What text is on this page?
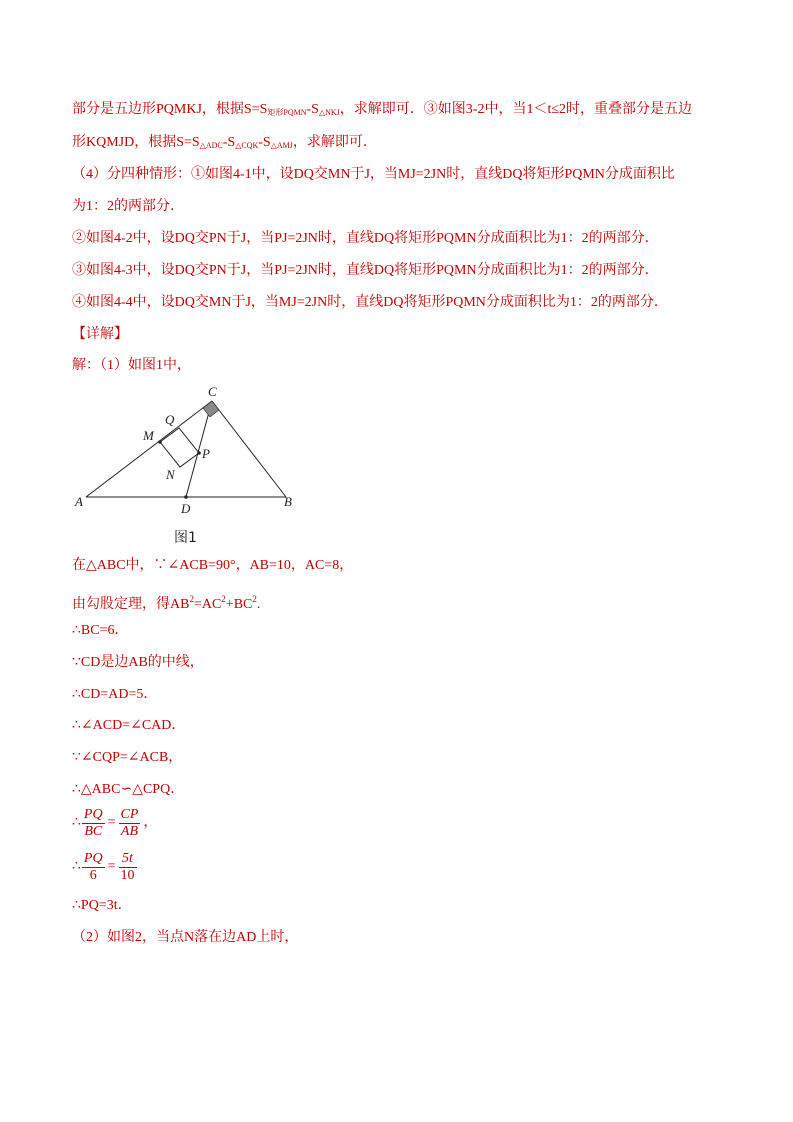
部分是五边形PQMKJ，根据$S=S_{矩形PQMN}-S_{\triangle NKJ}$，求解即可．③如图3-2中，当1＜t≤2时，重叠部分是五边
形KQMJD，根据$S=S_{\triangle ADC}-S_{\triangle CQK}-S_{\triangle AMJ}$，求解即可．
（4）分四种情形：①如图4-1中，设DQ交MN于J，当MJ=2JN时，直线DQ将矩形PQMN分成面积比
为1：2的两部分．
②如图4-2中，设DQ交PN于J，当PJ=2JN时，直线DQ将矩形PQMN分成面积比为1：2的两部分．
③如图4-3中，设DQ交PN于J，当PJ=2JN时，直线DQ将矩形PQMN分成面积比为1：2的两部分．
④如图4-4中，设DQ交MN于J，当MJ=2JN时，直线DQ将矩形PQMN分成面积比为1：2的两部分．
【详解】
解：（1）如图1中，
C
Q
M
P
N
A	D	B
图1
在△ABC中，∵∠ACB=90°，AB=10，AC=8，
由勾股定理，得$AB^2=AC^2+BC^2$.
∴BC=6．
∵CD是边AB的中线，
∴CD=AD=5．
∴∠ACD=∠CAD．
∵∠CQP=∠ACB，
∴△ABC∽△CPQ．
∴ $\frac{PQ}{BC} = \frac{CP}{AB}$ ，
∴ $\frac{PQ}{6} = \frac{5t}{10}$
∴PQ=3t．
（2）如图2，当点N落在边AD上时，
